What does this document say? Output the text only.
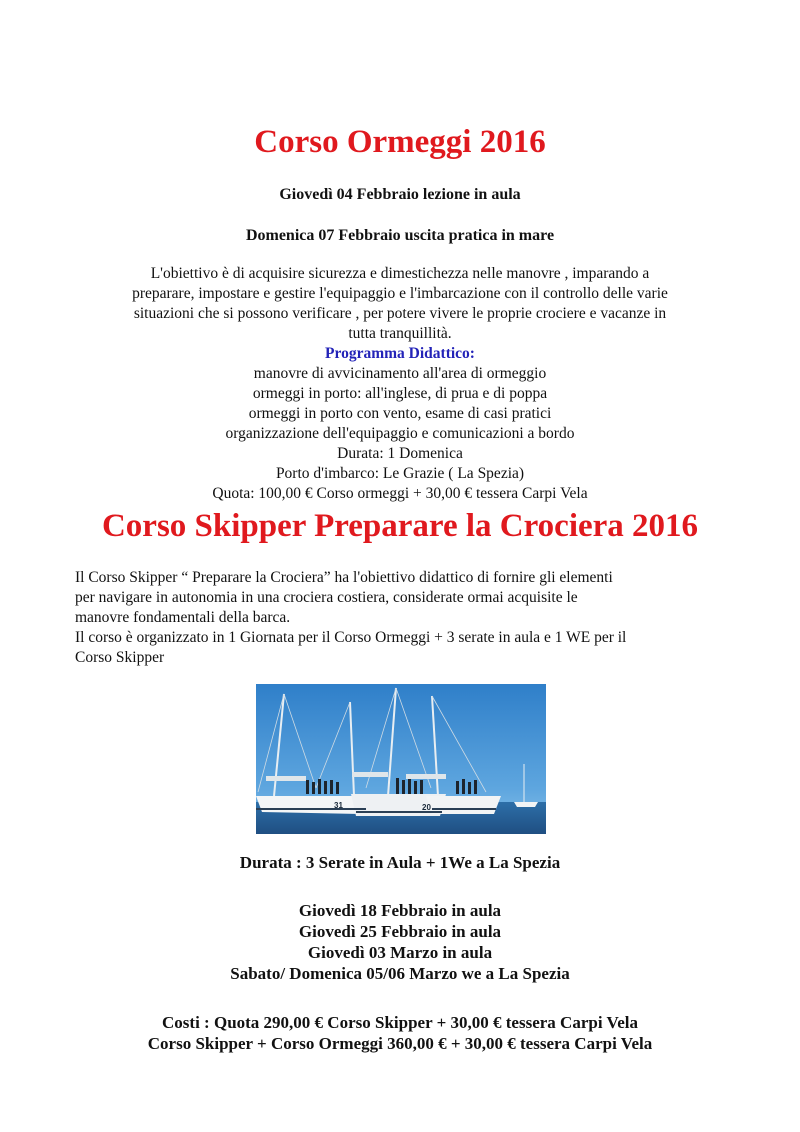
Corso Ormeggi 2016

Giovedì 04 Febbraio lezione in aula

Domenica 07 Febbraio uscita pratica in mare

L'obiettivo è di acquisire sicurezza e dimestichezza nelle manovre , imparando a
preparare, impostare e gestire l'equipaggio e l'imbarcazione con il controllo delle varie
situazioni che si possono verificare , per potere vivere le proprie crociere e vacanze in
tutta tranquillità.
Programma Didattico:
manovre di avvicinamento all'area di ormeggio
ormeggi in porto: all'inglese, di prua e di poppa
ormeggi in porto con vento, esame di casi pratici
organizzazione dell'equipaggio e comunicazioni a bordo
Durata: 1 Domenica
Porto d'imbarco: Le Grazie ( La Spezia)
Quota: 100,00 € Corso ormeggi + 30,00 € tessera Carpi Vela
Corso Skipper Preparare la Crociera 2016
Il Corso Skipper “ Preparare la Crociera” ha l'obiettivo didattico di fornire gli elementi
per navigare in autonomia in una crociera costiera, considerate ormai acquisite le
manovre fondamentali della barca.
Il corso è organizzato in 1 Giornata per il Corso Ormeggi + 3 serate in aula e 1 WE per il
Corso Skipper
31	20
Durata : 3 Serate in Aula + 1We a La Spezia
Giovedì 18 Febbraio in aula
Giovedì 25 Febbraio in aula
Giovedì 03 Marzo in aula
Sabato/ Domenica 05/06 Marzo we a La Spezia
Costi : Quota 290,00 € Corso Skipper + 30,00 € tessera Carpi Vela
Corso Skipper + Corso Ormeggi 360,00 € + 30,00 € tessera Carpi Vela
